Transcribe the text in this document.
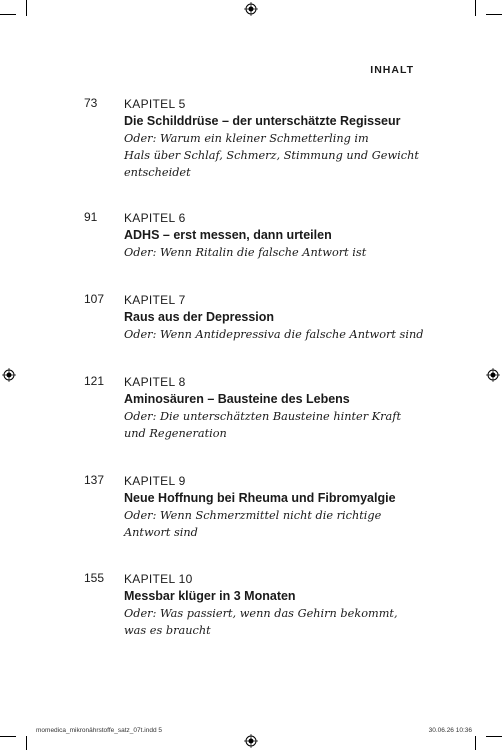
INHALT
73 KAPITEL 5
Die Schilddrüse – der unterschätzte Regisseur
Oder: Warum ein kleiner Schmetterling im
Hals über Schlaf, Schmerz, Stimmung und Gewicht
entscheidet
91 KAPITEL 6
ADHS – erst messen, dann urteilen
Oder: Wenn Ritalin die falsche Antwort ist
107 KAPITEL 7
Raus aus der Depression
Oder: Wenn Antidepressiva die falsche Antwort sind
121 KAPITEL 8
Aminosäuren – Bausteine des Lebens
Oder: Die unterschätzten Bausteine hinter Kraft
und Regeneration
137 KAPITEL 9
Neue Hoffnung bei Rheuma und Fibromyalgie
Oder: Wenn Schmerzmittel nicht die richtige
Antwort sind
155 KAPITEL 10
Messbar klüger in 3 Monaten
Oder: Was passiert, wenn das Gehirn bekommt,
was es braucht
momedica_mikronährstoffe_satz_07t.indd 5	30.06.26 10:36
